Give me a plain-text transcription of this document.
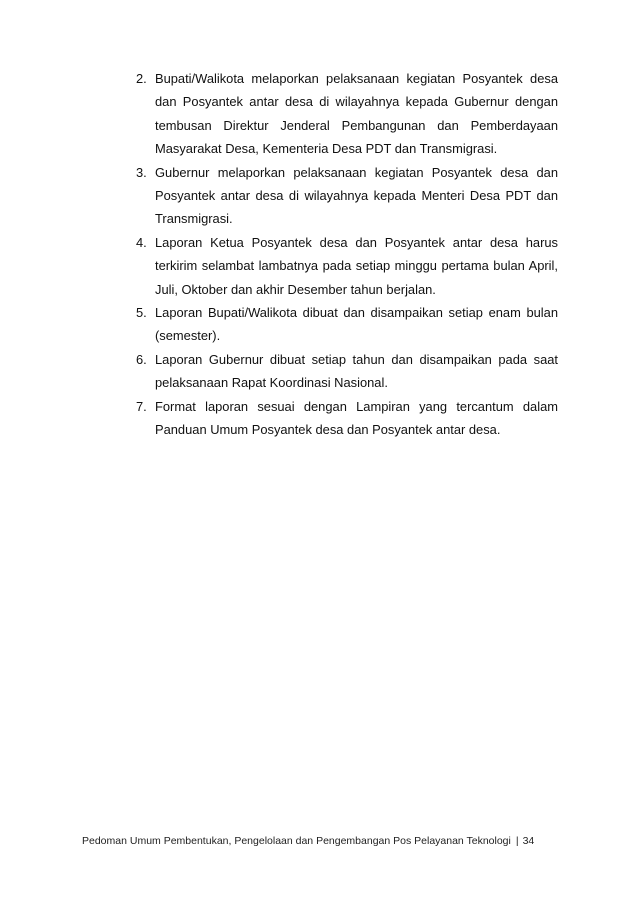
2. Bupati/Walikota melaporkan pelaksanaan kegiatan Posyantek desa dan Posyantek antar desa di wilayahnya kepada Gubernur dengan tembusan Direktur Jenderal Pembangunan dan Pemberdayaan Masyarakat Desa, Kementeria Desa PDT dan Transmigrasi.
3. Gubernur melaporkan pelaksanaan kegiatan Posyantek desa dan Posyantek antar desa di wilayahnya kepada Menteri Desa PDT dan Transmigrasi.
4. Laporan Ketua Posyantek desa dan Posyantek antar desa harus terkirim selambat lambatnya pada setiap minggu pertama bulan April, Juli, Oktober dan akhir Desember tahun berjalan.
5. Laporan Bupati/Walikota dibuat dan disampaikan setiap enam bulan (semester).
6. Laporan Gubernur dibuat setiap tahun dan disampaikan pada saat pelaksanaan Rapat Koordinasi Nasional.
7. Format laporan sesuai dengan Lampiran yang tercantum dalam Panduan Umum Posyantek desa dan Posyantek antar desa.
Pedoman Umum Pembentukan, Pengelolaan dan Pengembangan Pos Pelayanan Teknologi | 34
